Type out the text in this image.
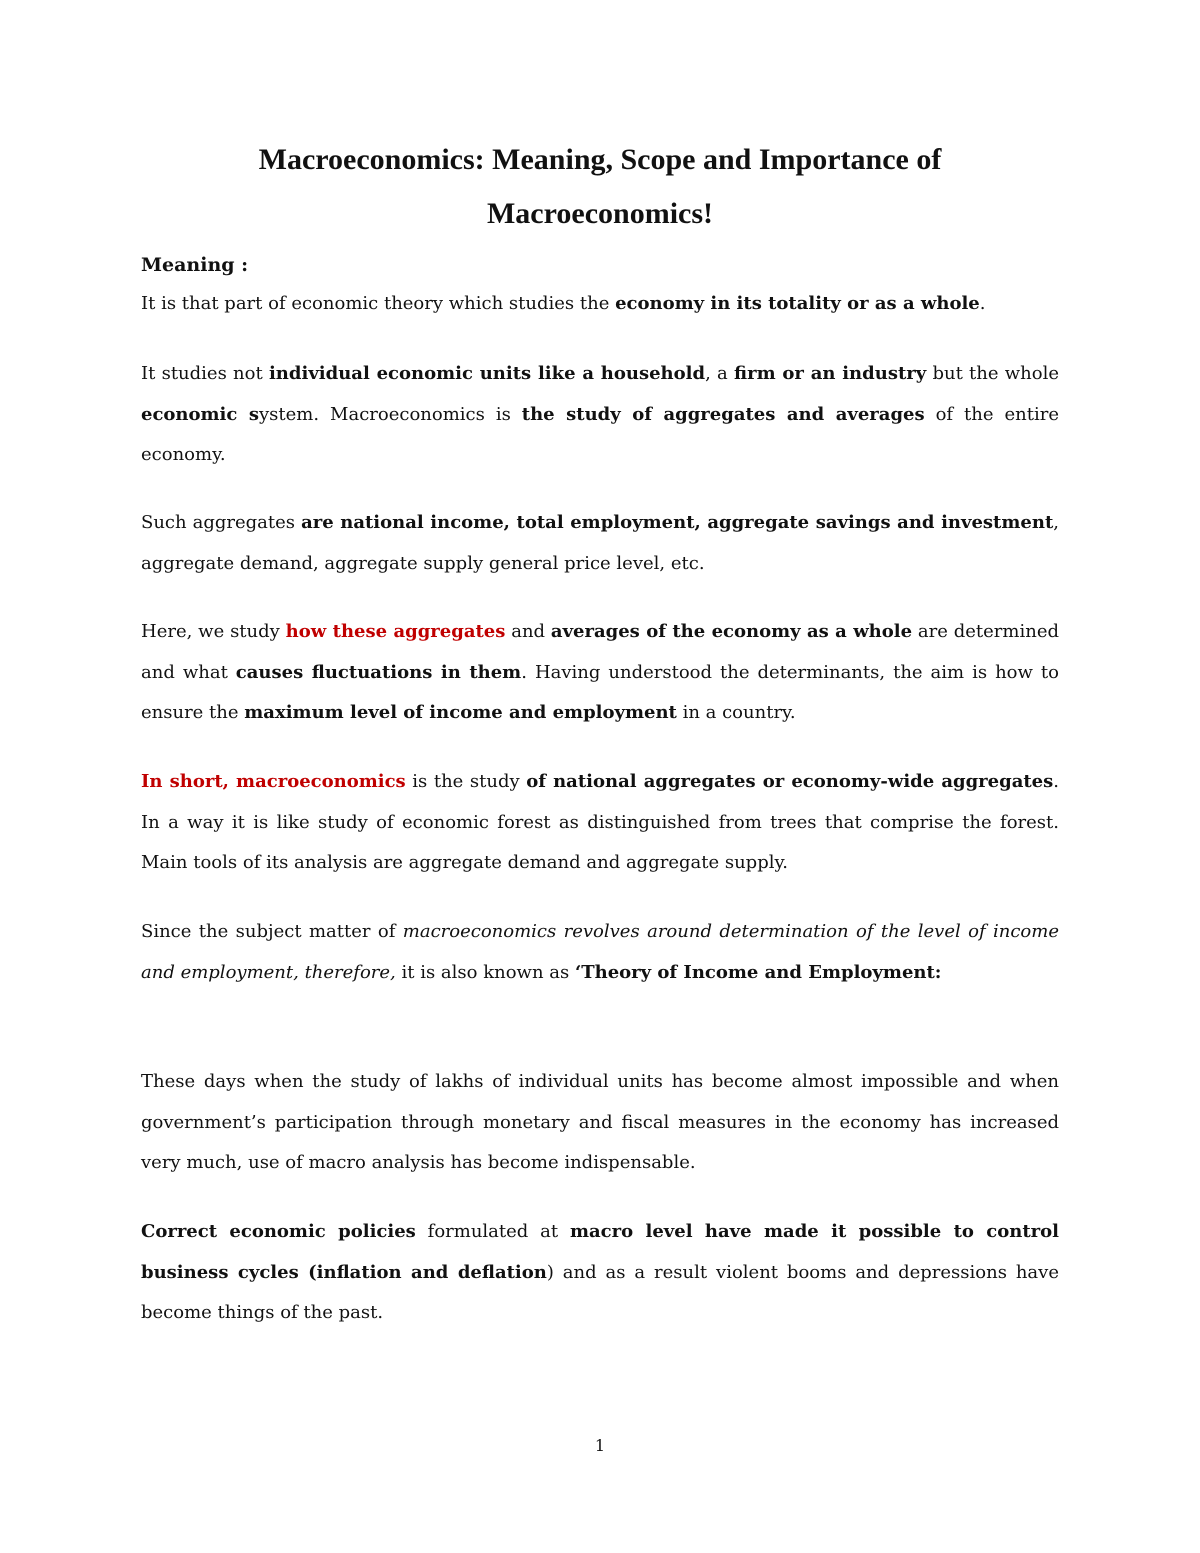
Macroeconomics: Meaning, Scope and Importance of
Macroeconomics!

Meaning :

It is that part of economic theory which studies the economy in its totality or as a whole.

It studies not individual economic units like a household, a firm or an industry but the whole economic system. Macroeconomics is the study of aggregates and averages of the entire economy.

Such aggregates are national income, total employment, aggregate savings and investment, aggregate demand, aggregate supply general price level, etc.

Here, we study how these aggregates and averages of the economy as a whole are determined and what causes fluctuations in them. Having understood the determinants, the aim is how to ensure the maximum level of income and employment in a country.

In short, macroeconomics is the study of national aggregates or economy-wide aggregates. In a way it is like study of economic forest as distinguished from trees that comprise the forest. Main tools of its analysis are aggregate demand and aggregate supply.

Since the subject matter of macroeconomics revolves around determination of the level of income and employment, therefore, it is also known as ‘Theory of Income and Employment:

These days when the study of lakhs of individual units has become almost impossible and when government’s participation through monetary and fiscal measures in the economy has increased very much, use of macro analysis has become indispensable.

Correct economic policies formulated at macro level have made it possible to control business cycles (inflation and deflation) and as a result violent booms and depressions have become things of the past.

1
